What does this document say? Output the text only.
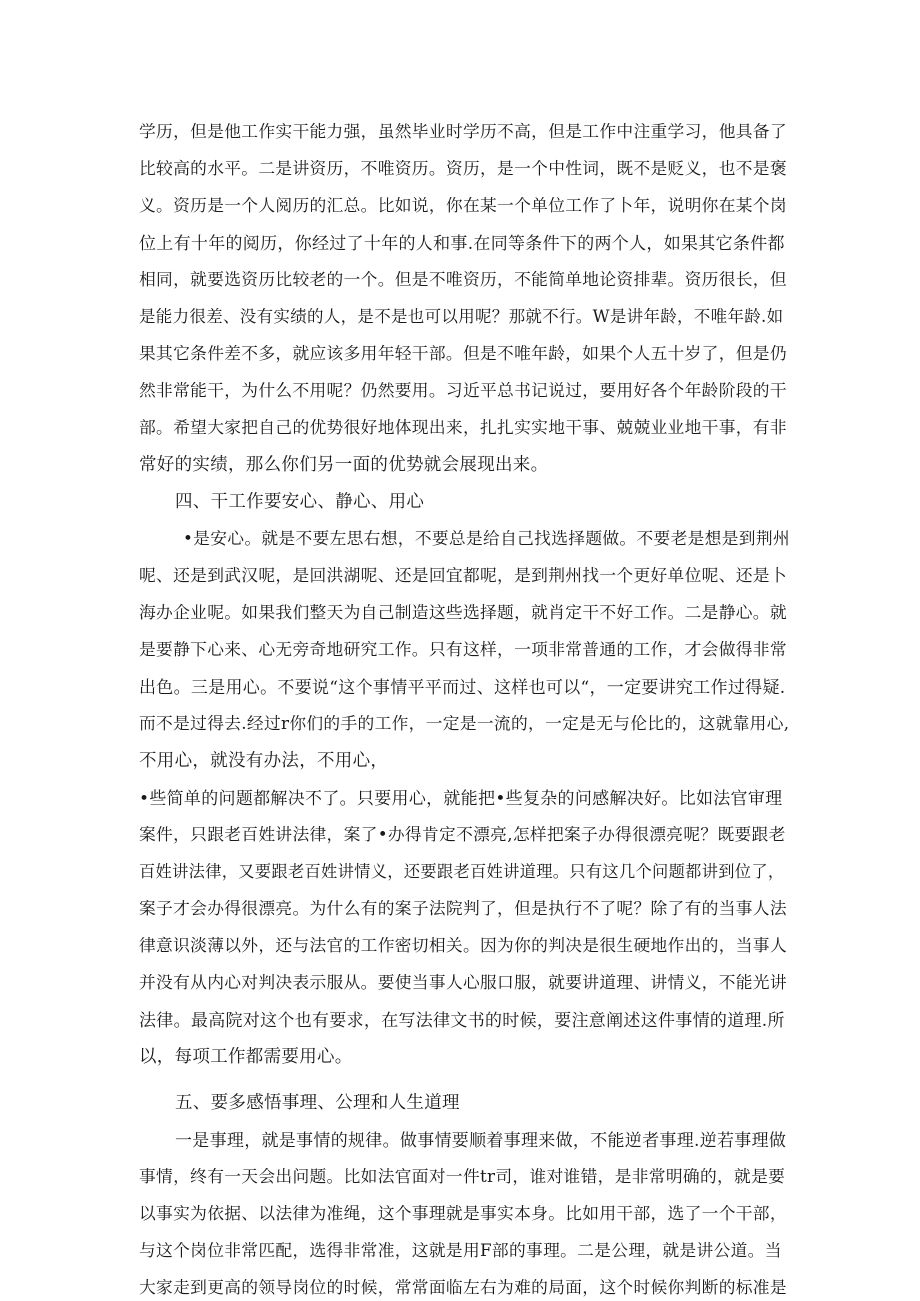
学历，但是他工作实干能力强，虽然毕业时学历不高，但是工作中注重学习，他具备了

比较高的水平。二是讲资历，不唯资历。资历，是一个中性词，既不是贬义，也不是褒

义。资历是一个人阅历的汇总。比如说，你在某一个单位工作了卜年，说明你在某个岗

位上有十年的阅历，你经过了十年的人和事.在同等条件下的两个人，如果其它条件都

相同，就要选资历比较老的一个。但是不唯资历，不能简单地论资排辈。资历很长，但

是能力很差、没有实绩的人，是不是也可以用呢？那就不行。W是讲年龄，不唯年龄.如

果其它条件差不多，就应该多用年轻干部。但是不唯年龄，如果个人五十岁了，但是仍

然非常能干，为什么不用呢？仍然要用。习近平总书记说过，要用好各个年龄阶段的干

部。希望大家把自己的优势很好地体现出来，扎扎实实地干事、兢兢业业地干事，有非

常好的实绩，那么你们另一面的优势就会展现出来。

四、干工作要安心、静心、用心

•是安心。就是不要左思右想，不要总是给自己找选择题做。不要老是想是到荆州

呢、还是到武汉呢，是回洪湖呢、还是回宜都呢，是到荆州找一个更好单位呢、还是卜

海办企业呢。如果我们整天为自己制造这些选择题，就肖定干不好工作。二是静心。就

是要静下心来、心无旁奇地研究工作。只有这样，一项非常普通的工作，才会做得非常

出色。三是用心。不要说“这个事情平平而过、这样也可以“，一定要讲究工作过得疑.

而不是过得去.经过r你们的手的工作，一定是一流的，一定是无与伦比的，这就靠用心,

不用心，就没有办法，不用心，

•些简单的问题都解决不了。只要用心，就能把•些复杂的问感解决好。比如法官审理

案件，只跟老百姓讲法律，案了•办得肯定不漂亮,怎样把案子办得很漂亮呢？既要跟老

百姓讲法律，又要跟老百姓讲情义，还要跟老百姓讲道理。只有这几个问题都讲到位了，

案子才会办得很漂亮。为什么有的案子法院判了，但是执行不了呢？除了有的当事人法

律意识淡薄以外，还与法官的工作密切相关。因为你的判决是很生硬地作出的，当事人

并没有从内心对判决表示服从。要使当事人心服口服，就要讲道理、讲情义，不能光讲

法律。最高院对这个也有要求，在写法律文书的时候，要注意阐述这件事情的道理.所

以，每项工作都需要用心。

五、要多感悟事理、公理和人生道理

一是事理，就是事情的规律。做事情要顺着事理来做，不能逆者事理.逆若事理做

事情，终有一天会出问题。比如法官面对一件tr司，谁对谁错，是非常明确的，就是要

以事实为依据、以法律为准绳，这个事理就是事实本身。比如用干部，选了一个干部，

与这个岗位非常匹配，选得非常准，这就是用F部的事理。二是公理，就是讲公道。当

大家走到更高的领导岗位的时候，常常面临左右为难的局面，这个时候你判断的标准是
